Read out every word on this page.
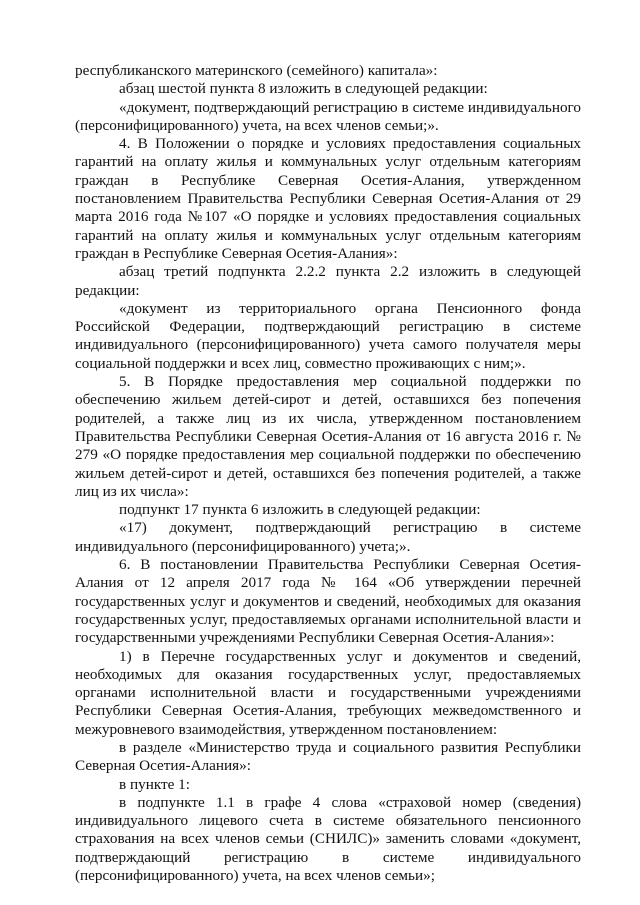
республиканского материнского (семейного) капитала»:

абзац шестой пункта 8 изложить в следующей редакции:

«документ, подтверждающий регистрацию в системе индивидуального (персонифицированного) учета, на всех членов семьи;».

4. В Положении о порядке и условиях предоставления социальных гарантий на оплату жилья и коммунальных услуг отдельным категориям граждан в Республике Северная Осетия-Алания, утвержденном постановлением Правительства Республики Северная Осетия-Алания от 29 марта 2016 года №107 «О порядке и условиях предоставления социальных гарантий на оплату жилья и коммунальных услуг отдельным категориям граждан в Республике Северная Осетия-Алания»:

абзац третий подпункта 2.2.2 пункта 2.2 изложить в следующей редакции:

«документ из территориального органа Пенсионного фонда Российской Федерации, подтверждающий регистрацию в системе индивидуального (персонифицированного) учета самого получателя меры социальной поддержки и всех лиц, совместно проживающих с ним;».

5. В Порядке предоставления мер социальной поддержки по обеспечению жильем детей-сирот и детей, оставшихся без попечения родителей, а также лиц из их числа, утвержденном постановлением Правительства Республики Северная Осетия-Алания от 16 августа 2016 г. № 279 «О порядке предоставления мер социальной поддержки по обеспечению жильем детей-сирот и детей, оставшихся без попечения родителей, а также лиц из их числа»:

подпункт 17 пункта 6 изложить в следующей редакции:

«17) документ, подтверждающий регистрацию в системе индивидуального (персонифицированного) учета;».

6. В постановлении Правительства Республики Северная Осетия-Алания от 12 апреля 2017 года № 164 «Об утверждении перечней государственных услуг и документов и сведений, необходимых для оказания государственных услуг, предоставляемых органами исполнительной власти и государственными учреждениями Республики Северная Осетия-Алания»:

1) в Перечне государственных услуг и документов и сведений, необходимых для оказания государственных услуг, предоставляемых органами исполнительной власти и государственными учреждениями Республики Северная Осетия-Алания, требующих межведомственного и межуровневого взаимодействия, утвержденном постановлением:

в разделе «Министерство труда и социального развития Республики Северная Осетия-Алания»:

в пункте 1:

в подпункте 1.1 в графе 4 слова «страховой номер (сведения) индивидуального лицевого счета в системе обязательного пенсионного страхования на всех членов семьи (СНИЛС)» заменить словами «документ, подтверждающий регистрацию в системе индивидуального (персонифицированного) учета, на всех членов семьи»;
